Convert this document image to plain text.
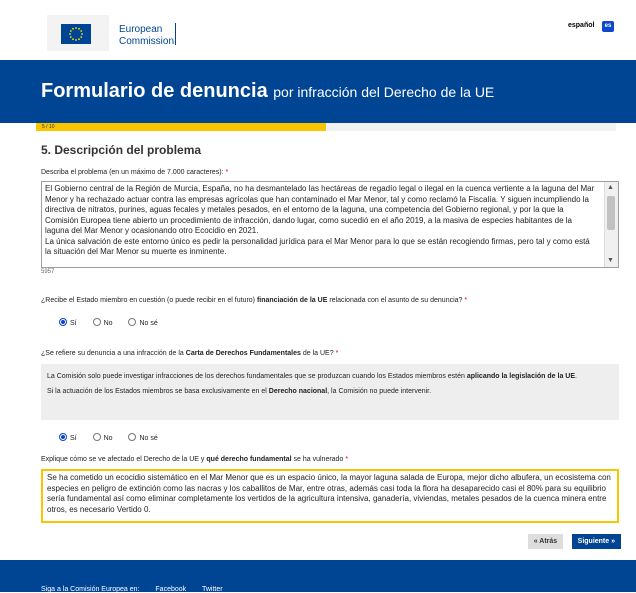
European
Commission
español	es
Formulario de denuncia por infracción del Derecho de la UE
5 / 10
5. Descripción del problema
Describa el problema (en un máximo de 7.000 caracteres): *
El Gobierno central de la Región de Murcia, España, no ha desmantelado las hectáreas de regadío legal o ilegal en la cuenca vertiente a la laguna del Mar Menor y ha rechazado actuar contra las empresas agrícolas que han contaminado el Mar Menor, tal y como reclamó la Fiscalía. Y siguen incumpliendo la directiva de nitratos, purines, aguas fecales y metales pesados, en el entorno de la laguna, una competencia del Gobierno regional, y por la que la Comisión Europea tiene abierto un procedimiento de infracción, dando lugar, como sucedió en el año 2019, a la masiva de especies habitantes de la laguna del Mar Menor y ocasionando otro Ecocidio en 2021.
La única salvación de este entorno único es pedir la personalidad jurídica para el Mar Menor para lo que se están recogiendo firmas, pero tal y como está la situación del Mar Menor su muerte es inminente.
▲
▼
5957
¿Recibe el Estado miembro en cuestión (o puede recibir en el futuro) financiación de la UE relacionada con el asunto de su denuncia? *
Sí	No	No sé
¿Se refiere su denuncia a una infracción de la Carta de Derechos Fundamentales de la UE? *

La Comisión solo puede investigar infracciones de los derechos fundamentales que se produzcan cuando los Estados miembros estén aplicando la legislación de la UE.

Si la actuación de los Estados miembros se basa exclusivamente en el Derecho nacional, la Comisión no puede intervenir.

Sí	No	No sé
Explique cómo se ve afectado el Derecho de la UE y qué derecho fundamental se ha vulnerado *
Se ha cometido un ecocidio sistemático en el Mar Menor que es un espacio único, la mayor laguna salada de Europa, mejor dicho albufera, un ecosistema con especies en peligro de extinción como las nacras y los caballitos de Mar, entre otras, además casi toda la flora ha desaparecido casi el 80% para su equilibrio sería fundamental así como eliminar completamente los vertidos de la agricultura intensiva, ganadería, viviendas, metales pesados de la cuenca minera entre otros, es necesario Vertido 0.
« Atrás	Siguiente »
Siga a la Comisión Europea en: Facebook Twitter
